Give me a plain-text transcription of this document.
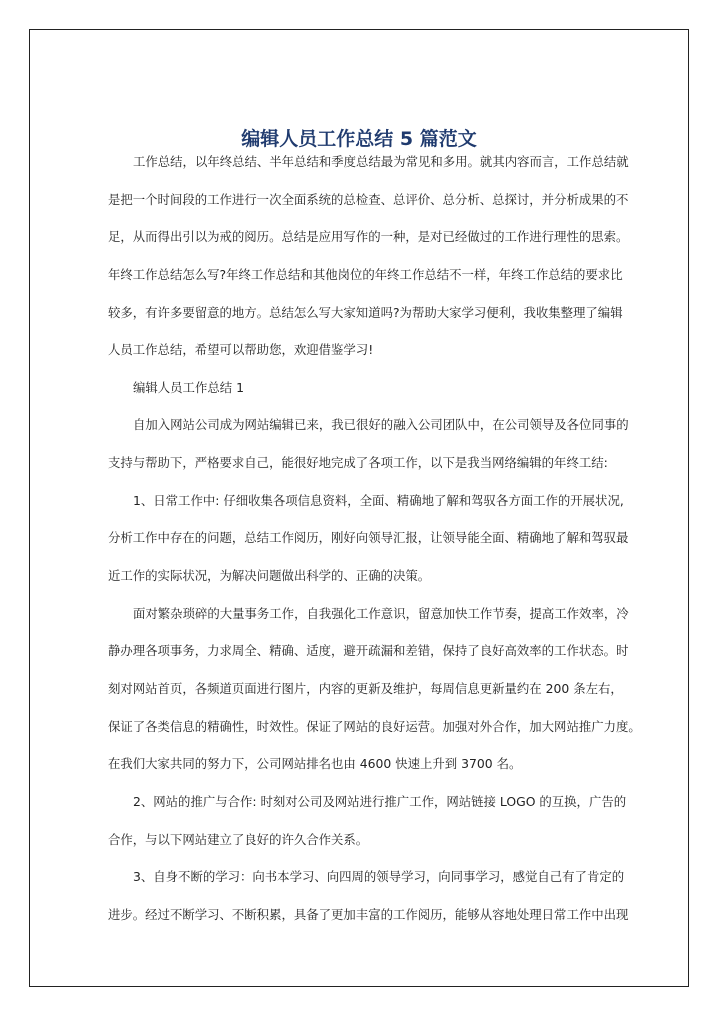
编辑人员工作总结 5 篇范文
工作总结，以年终总结、半年总结和季度总结最为常见和多用。就其内容而言，工作总结就
是把一个时间段的工作进行一次全面系统的总检查、总评价、总分析、总探讨，并分析成果的不
足，从而得出引以为戒的阅历。总结是应用写作的一种，是对已经做过的工作进行理性的思索。
年终工作总结怎么写?年终工作总结和其他岗位的年终工作总结不一样，年终工作总结的要求比
较多，有许多要留意的地方。总结怎么写大家知道吗?为帮助大家学习便利，我收集整理了编辑
人员工作总结，希望可以帮助您，欢迎借鉴学习!
编辑人员工作总结 1
自加入网站公司成为网站编辑已来，我已很好的融入公司团队中，在公司领导及各位同事的
支持与帮助下，严格要求自己，能很好地完成了各项工作，以下是我当网络编辑的年终工结:
1、日常工作中: 仔细收集各项信息资料，全面、精确地了解和驾驭各方面工作的开展状况,
分析工作中存在的问题，总结工作阅历，刚好向领导汇报，让领导能全面、精确地了解和驾驭最
近工作的实际状况，为解决问题做出科学的、正确的决策。
面对繁杂琐碎的大量事务工作，自我强化工作意识，留意加快工作节奏，提高工作效率，冷
静办理各项事务，力求周全、精确、适度，避开疏漏和差错，保持了良好高效率的工作状态。时
刻对网站首页，各频道页面进行图片，内容的更新及维护，每周信息更新量约在 200 条左右，
保证了各类信息的精确性，时效性。保证了网站的良好运营。加强对外合作，加大网站推广力度。
在我们大家共同的努力下，公司网站排名也由 4600 快速上升到 3700 名。
2、网站的推广与合作: 时刻对公司及网站进行推广工作，网站链接 LOGO 的互换，广告的
合作，与以下网站建立了良好的许久合作关系。
3、自身不断的学习：向书本学习、向四周的领导学习，向同事学习，感觉自己有了肯定的
进步。经过不断学习、不断积累，具备了更加丰富的工作阅历，能够从容地处理日常工作中出现
